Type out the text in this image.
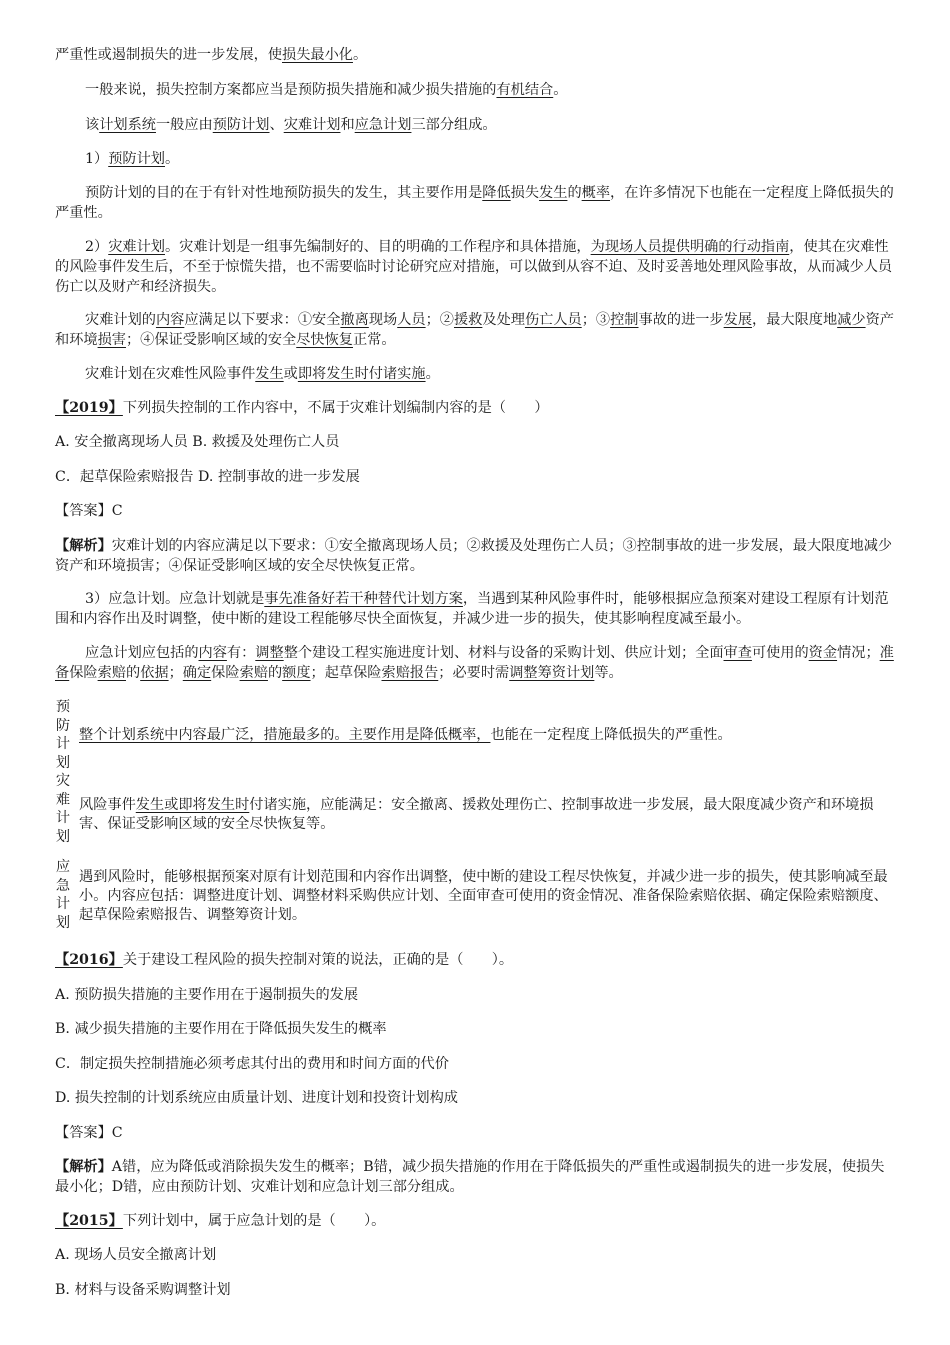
严重性或遏制损失的进一步发展，使损失最小化。

一般来说，损失控制方案都应当是预防损失措施和减少损失措施的有机结合。

该计划系统一般应由预防计划、灾难计划和应急计划三部分组成。

1）预防计划。

预防计划的目的在于有针对性地预防损失的发生，其主要作用是降低损失发生的概率，在许多情况下也能在一定程度上降低损失的严重性。

2）灾难计划。灾难计划是一组事先编制好的、目的明确的工作程序和具体措施，为现场人员提供明确的行动指南，使其在灾难性的风险事件发生后，不至于惊慌失措，也不需要临时讨论研究应对措施，可以做到从容不迫、及时妥善地处理风险事故，从而减少人员伤亡以及财产和经济损失。

灾难计划的内容应满足以下要求：①安全撤离现场人员；②援救及处理伤亡人员；③控制事故的进一步发展，最大限度地减少资产和环境损害；④保证受影响区域的安全尽快恢复正常。

灾难计划在灾难性风险事件发生或即将发生时付诸实施。

【2019】下列损失控制的工作内容中，不属于灾难计划编制内容的是（　　）

A. 安全撤离现场人员 B. 救援及处理伤亡人员

C．起草保险索赔报告 D. 控制事故的进一步发展

【答案】C

【解析】灾难计划的内容应满足以下要求：①安全撤离现场人员；②救援及处理伤亡人员；③控制事故的进一步发展，最大限度地减少资产和环境损害；④保证受影响区域的安全尽快恢复正常。

3）应急计划。应急计划就是事先准备好若干种替代计划方案，当遇到某种风险事件时，能够根据应急预案对建设工程原有计划范围和内容作出及时调整，使中断的建设工程能够尽快全面恢复，并减少进一步的损失，使其影响程度减至最小。

应急计划应包括的内容有：调整整个建设工程实施进度计划、材料与设备的采购计划、供应计划；全面审查可使用的资金情况；准备保险索赔的依据；确定保险索赔的额度；起草保险索赔报告；必要时需调整筹资计划等。

预
防
计
划
整个计划系统中内容最广泛，措施最多的。主要作用是降低概率，也能在一定程度上降低损失的严重性。
灾
难
计
划
风险事件发生或即将发生时付诸实施，应能满足：安全撤离、援救处理伤亡、控制事故进一步发展，最大限度减少资产和环境损害、保证受影响区域的安全尽快恢复等。
应
急
计
划
遇到风险时，能够根据预案对原有计划范围和内容作出调整，使中断的建设工程尽快恢复，并减少进一步的损失，使其影响减至最小。内容应包括：调整进度计划、调整材料采购供应计划、全面审查可使用的资金情况、准备保险索赔依据、确定保险索赔额度、起草保险索赔报告、调整筹资计划。

【2016】关于建设工程风险的损失控制对策的说法，正确的是（　　）。

A. 预防损失措施的主要作用在于遏制损失的发展

B. 减少损失措施的主要作用在于降低损失发生的概率

C．制定损失控制措施必须考虑其付出的费用和时间方面的代价

D. 损失控制的计划系统应由质量计划、进度计划和投资计划构成

【答案】C

【解析】A错，应为降低或消除损失发生的概率；B错，减少损失措施的作用在于降低损失的严重性或遏制损失的进一步发展，使损失最小化；D错，应由预防计划、灾难计划和应急计划三部分组成。

【2015】下列计划中，属于应急计划的是（　　）。

A. 现场人员安全撤离计划

B. 材料与设备采购调整计划
